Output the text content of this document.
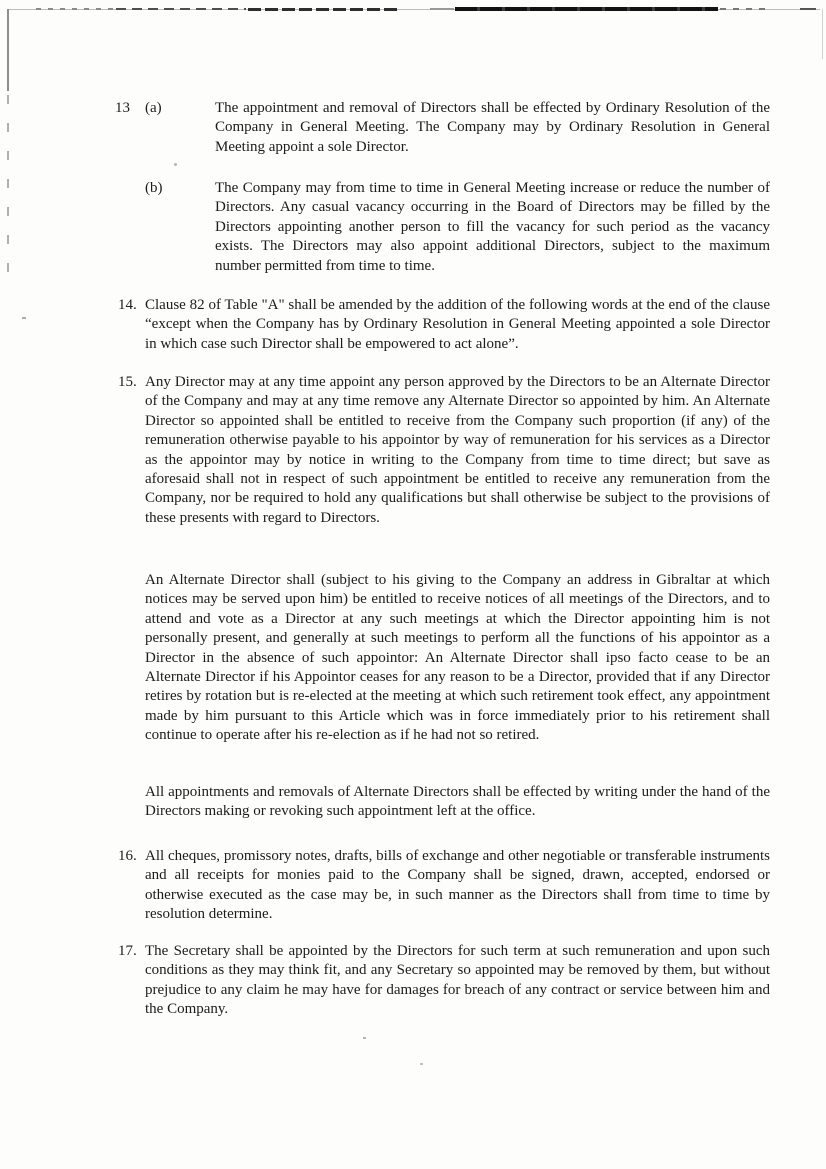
13 (a)	The appointment and removal of Directors shall be effected by Ordinary Resolution of the Company in General Meeting. The Company may by Ordinary Resolution in General Meeting appoint a sole Director.

(b)	The Company may from time to time in General Meeting increase or reduce the number of Directors. Any casual vacancy occurring in the Board of Directors may be filled by the Directors appointing another person to fill the vacancy for such period as the vacancy exists. The Directors may also appoint additional Directors, subject to the maximum number permitted from time to time.

14. Clause 82 of Table "A" shall be amended by the addition of the following words at the end of the clause “except when the Company has by Ordinary Resolution in General Meeting appointed a sole Director in which case such Director shall be empowered to act alone”.

15. Any Director may at any time appoint any person approved by the Directors to be an Alternate Director of the Company and may at any time remove any Alternate Director so appointed by him. An Alternate Director so appointed shall be entitled to receive from the Company such proportion (if any) of the remuneration otherwise payable to his appointor by way of remuneration for his services as a Director as the appointor may by notice in writing to the Company from time to time direct; but save as aforesaid shall not in respect of such appointment be entitled to receive any remuneration from the Company, nor be required to hold any qualifications but shall otherwise be subject to the provisions of these presents with regard to Directors.

An Alternate Director shall (subject to his giving to the Company an address in Gibraltar at which notices may be served upon him) be entitled to receive notices of all meetings of the Directors, and to attend and vote as a Director at any such meetings at which the Director appointing him is not personally present, and generally at such meetings to perform all the functions of his appointor as a Director in the absence of such appointor: An Alternate Director shall ipso facto cease to be an Alternate Director if his Appointor ceases for any reason to be a Director, provided that if any Director retires by rotation but is re-elected at the meeting at which such retirement took effect, any appointment made by him pursuant to this Article which was in force immediately prior to his retirement shall continue to operate after his re-election as if he had not so retired.

All appointments and removals of Alternate Directors shall be effected by writing under the hand of the Directors making or revoking such appointment left at the office.

16. All cheques, promissory notes, drafts, bills of exchange and other negotiable or transferable instruments and all receipts for monies paid to the Company shall be signed, drawn, accepted, endorsed or otherwise executed as the case may be, in such manner as the Directors shall from time to time by resolution determine.

17. The Secretary shall be appointed by the Directors for such term at such remuneration and upon such conditions as they may think fit, and any Secretary so appointed may be removed by them, but without prejudice to any claim he may have for damages for breach of any contract or service between him and the Company.
